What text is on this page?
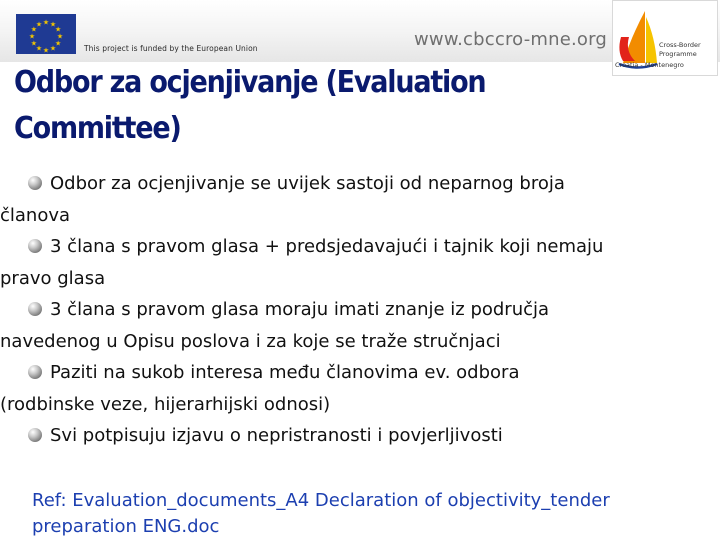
★ ★
★
★
★
★
★
★
★
★
★
★
This project is funded by the European Union	www.cbccro-mne.org	Cross-Border
Programme
Croatia - Montenegro
Odbor za ocjenjivanje (Evaluation
Committee)
Odbor za ocjenjivanje se uvijek sastoji od neparnog broja
članova
3 člana s pravom glasa + predsjedavajući i tajnik koji nemaju
pravo glasa
3 člana s pravom glasa moraju imati znanje iz područja
navedenog u Opisu poslova i za koje se traže stručnjaci
Paziti na sukob interesa među članovima ev. odbora
(rodbinske veze, hijerarhijski odnosi)
Svi potpisuju izjavu o nepristranosti i povjerljivosti
Ref: Evaluation_documents_A4 Declaration of objectivity_tender
preparation ENG.doc
